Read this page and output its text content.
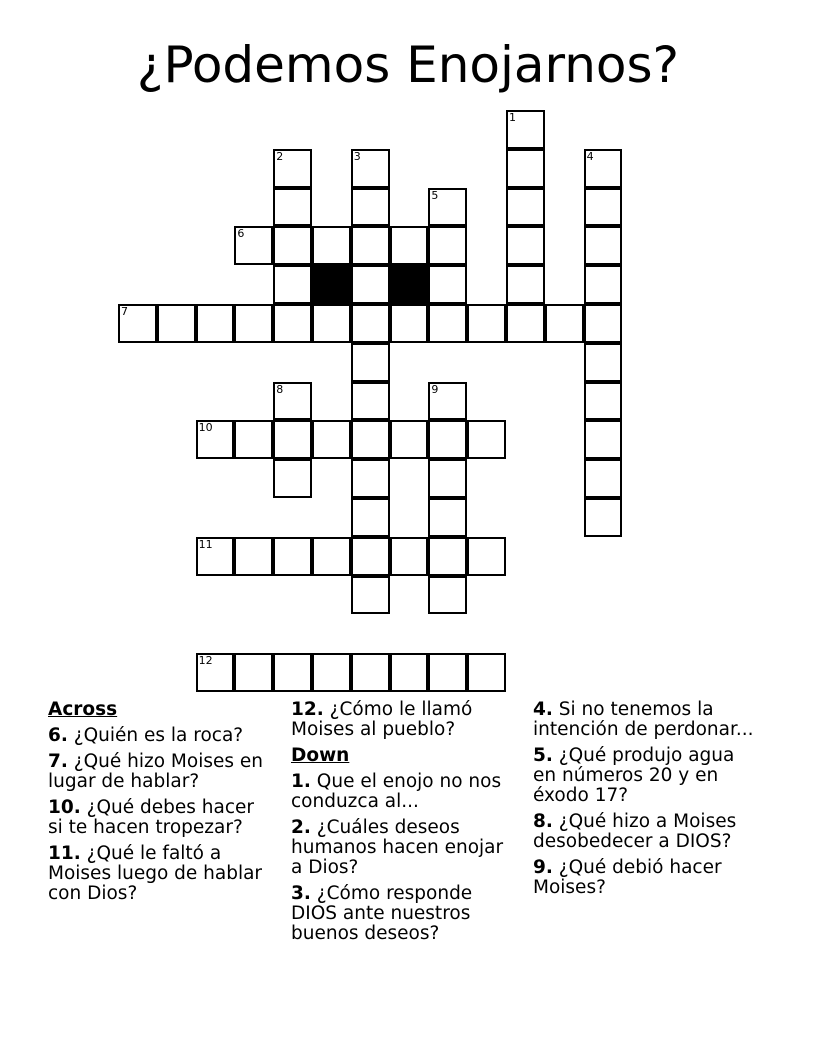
¿Podemos Enojarnos?
1
2	3	4
5
6
7
8	9
10
11
12
Across
6. ¿Quién es la roca?
7. ¿Qué hizo Moises en lugar de hablar?
10. ¿Qué debes hacer si te hacen tropezar?
11. ¿Qué le faltó a Moises luego de hablar con Dios?
12. ¿Cómo le llamó Moises al pueblo?
Down
1. Que el enojo no nos conduzca al...
2. ¿Cuáles deseos humanos hacen enojar a Dios?
3. ¿Cómo responde DIOS ante nuestros buenos deseos?
4. Si no tenemos la intención de perdonar...
5. ¿Qué produjo agua en números 20 y en éxodo 17?
8. ¿Qué hizo a Moises desobedecer a DIOS?
9. ¿Qué debió hacer Moises?
